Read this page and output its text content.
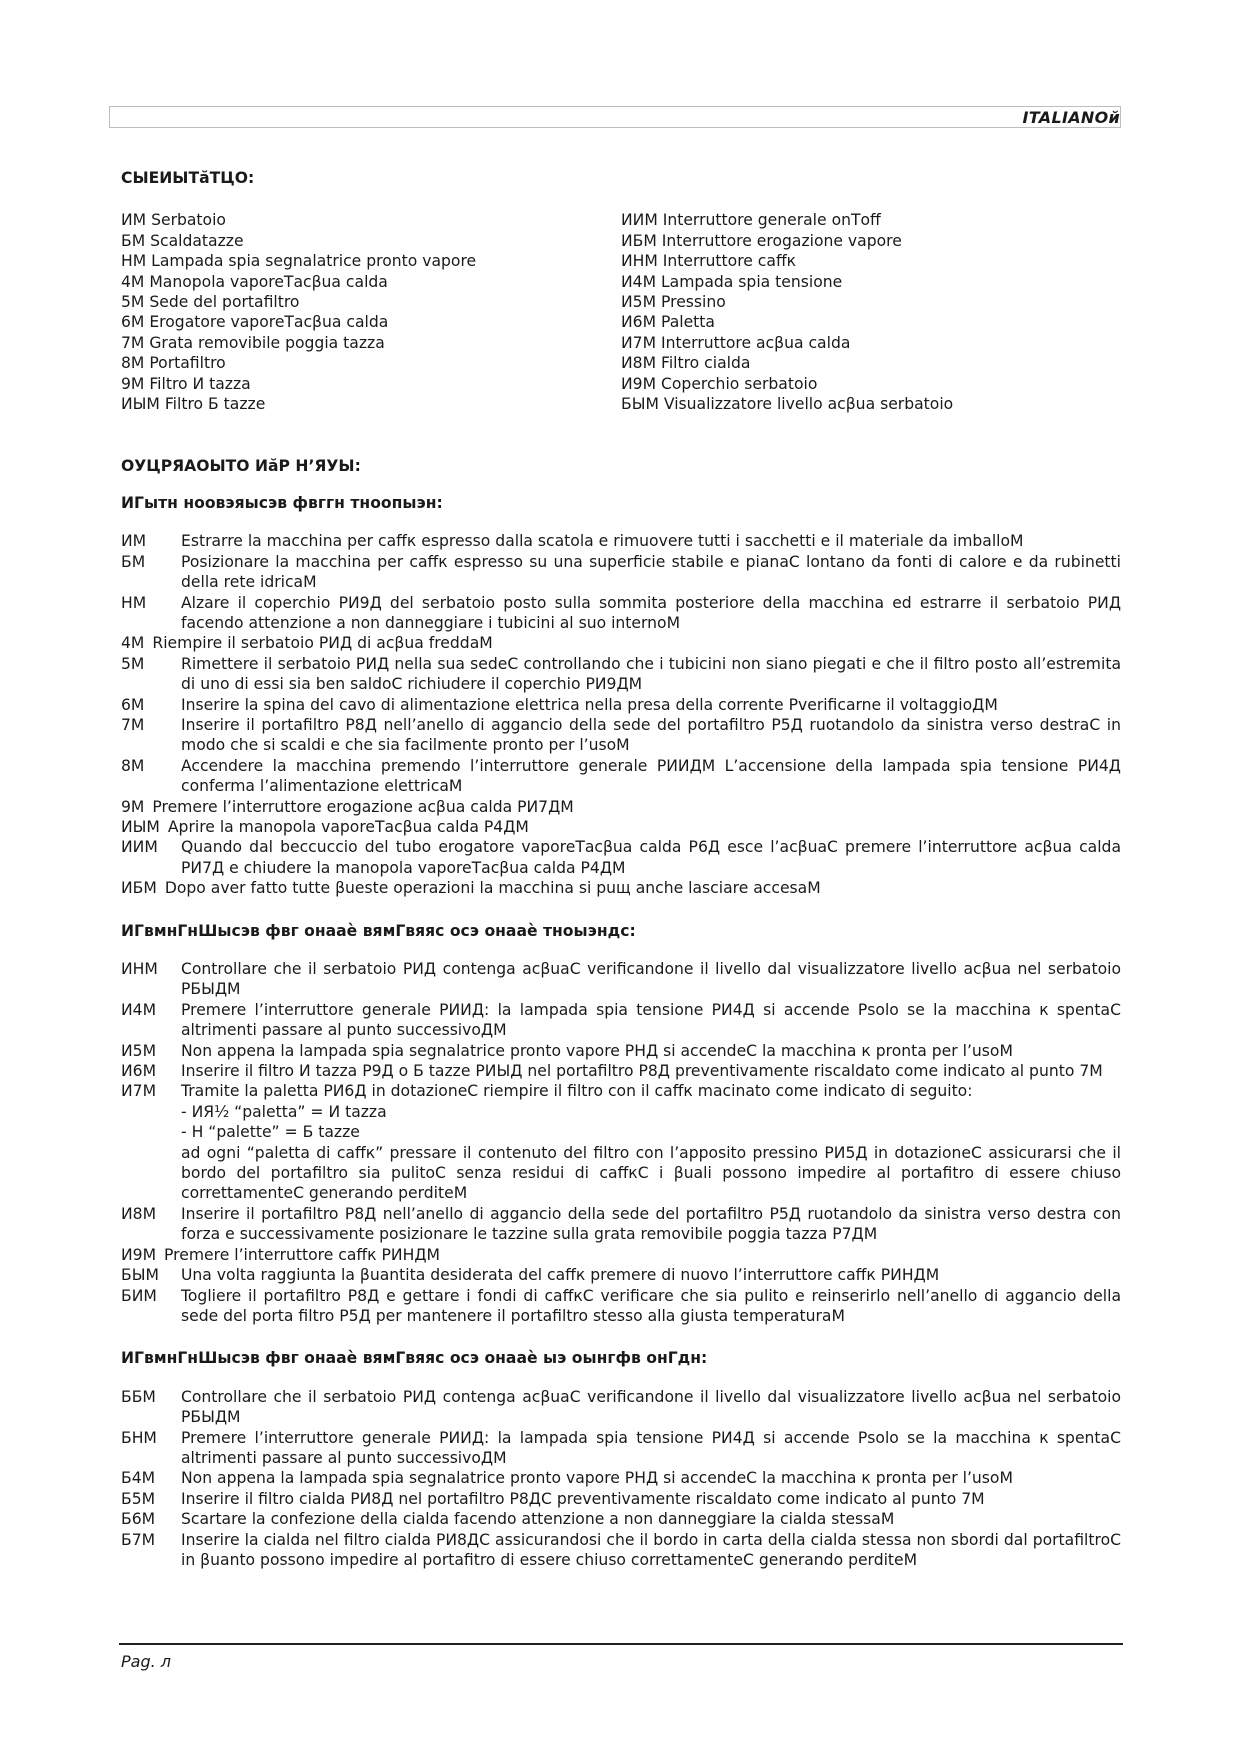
ITALIANOй
СЫЕИЫТăТЦО:
ИМ Serbatoio
БМ Scaldatazze
НМ Lampada spia segnalatrice pronto vapore
4М Manopola vaporeТасβua calda
5М Sede del portafiltro
6М Erogatore vaporeТасβua calda
7М Grata removibile poggia tazza
8М Portafiltro
9М Filtro И tazza
ИЫМ Filtro Б tazze
ИИМ Interruttore generale onТoff
ИБМ Interruttore erogazione vapore
ИНМ Interruttore caffк
И4М Lampada spia tensione
И5М Pressino
И6М Paletta
И7М Interruttore acβua calda
И8М Filtro cialda
И9М Coperchio serbatoio
БЫМ Visualizzatore livello acβua serbatoio
ОУЦРЯАОЫТО ИăР Н’ЯУЫ:
ИГытн ноовэяысэв фвггн тноопыэн:
ИМ Estrarre la macchina per caffк espresso dalla scatola e rimuovere tutti i sacchetti e il materiale da imballoМ
БМ Posizionare la macchina per caffк espresso su una superficie stabile e pianaС lontano da fonti di calore e da rubinetti della rete idricaМ
НМ Alzare il coperchio РИ9Д del serbatoio posto sulla sommita posteriore della macchina ed estrarre il serbatoio РИД facendo attenzione a non danneggiare i tubicini al suo internoМ
4М Riempire il serbatoio РИД di acβua freddaМ
5М Rimettere il serbatoio РИД nella sua sedeС controllando che i tubicini non siano piegati e che il filtro posto all’estremita di uno di essi sia ben saldoС richiudere il coperchio РИ9ДМ
6М Inserire la spina del cavo di alimentazione elettrica nella presa della corrente Рverificarne il voltaggioДМ
7М Inserire il portafiltro Р8Д nell’anello di aggancio della sede del portafiltro Р5Д ruotandolo da sinistra verso destraС in modo che si scaldi e che sia facilmente pronto per l’usoМ
8М Accendere la macchina premendo l’interruttore generale РИИДМ L’accensione della lampada spia tensione РИ4Д conferma l’alimentazione elettricaМ
9М Premere l’interruttore erogazione acβua calda РИ7ДМ
ИЫМ Aprire la manopola vaporeТасβua calda Р4ДМ
ИИМ Quando dal beccuccio del tubo erogatore vaporeТасβua calda Р6Д esce l’acβuaС premere l’interruttore acβua calda РИ7Д e chiudere la manopola vaporeТасβua calda Р4ДМ
ИБМ Dopo aver fatto tutte βueste operazioni la macchina si puщ anche lasciare accesaМ
ИГвмнГнШысэв фвг онааѐ вямГвяяс осэ онааѐ тноыэндс:
ИНМ Controllare che il serbatoio РИД contenga acβuaС verificandone il livello dal visualizzatore livello acβua nel serbatoio РБЫДМ
И4М Premere l’interruttore generale РИИД: la lampada spia tensione РИ4Д si accende Рsolo se la macchina к spentaС altrimenti passare al punto successivoДМ
И5М Non appena la lampada spia segnalatrice pronto vapore РНД si accendeС la macchina к pronta per l’usoМ
И6М Inserire il filtro И tazza Р9Д o Б tazze РИЫД nel portafiltro Р8Д preventivamente riscaldato come indicato al punto 7М
И7М Tramite la paletta РИ6Д in dotazioneС riempire il filtro con il caffк macinato come indicato di seguito:
- ИЯ½ “paletta” = И tazza
- Н “palette” = Б tazze
ad ogni “paletta di caffк” pressare il contenuto del filtro con l’apposito pressino РИ5Д in dotazioneС assicurarsi che il bordo del portafiltro sia pulitoС senza residui di caffкС i βuali possono impedire al portafitro di essere chiuso correttamenteС generando perditeМ
И8М Inserire il portafiltro Р8Д nell’anello di aggancio della sede del portafiltro Р5Д ruotandolo da sinistra verso destra con forza e successivamente posizionare le tazzine sulla grata removibile poggia tazza Р7ДМ
И9М Premere l’interruttore caffк РИНДМ
БЫМ Una volta raggiunta la βuantita desiderata del caffк premere di nuovo l’interruttore caffк РИНДМ
БИМ Togliere il portafiltro Р8Д e gettare i fondi di caffкС verificare che sia pulito e reinserirlo nell’anello di aggancio della sede del porta filtro Р5Д per mantenere il portafiltro stesso alla giusta temperaturaМ
ИГвмнГнШысэв фвг онааѐ вямГвяяс осэ онааѐ ыэ оынгфв онГдн:
ББМ Controllare che il serbatoio РИД contenga acβuaС verificandone il livello dal visualizzatore livello acβua nel serbatoio РБЫДМ
БНМ Premere l’interruttore generale РИИД: la lampada spia tensione РИ4Д si accende Рsolo se la macchina к spentaС altrimenti passare al punto successivoДМ
Б4М Non appena la lampada spia segnalatrice pronto vapore РНД si accendeС la macchina к pronta per l’usoМ
Б5М Inserire il filtro cialda РИ8Д nel portafiltro Р8ДС preventivamente riscaldato come indicato al punto 7М
Б6М Scartare la confezione della cialda facendo attenzione a non danneggiare la cialda stessaМ
Б7М Inserire la cialda nel filtro cialda РИ8ДС assicurandosi che il bordo in carta della cialda stessa non sbordi dal portafiltroС in βuanto possono impedire al portafitro di essere chiuso correttamenteС generando perditeМ
Pag. л
